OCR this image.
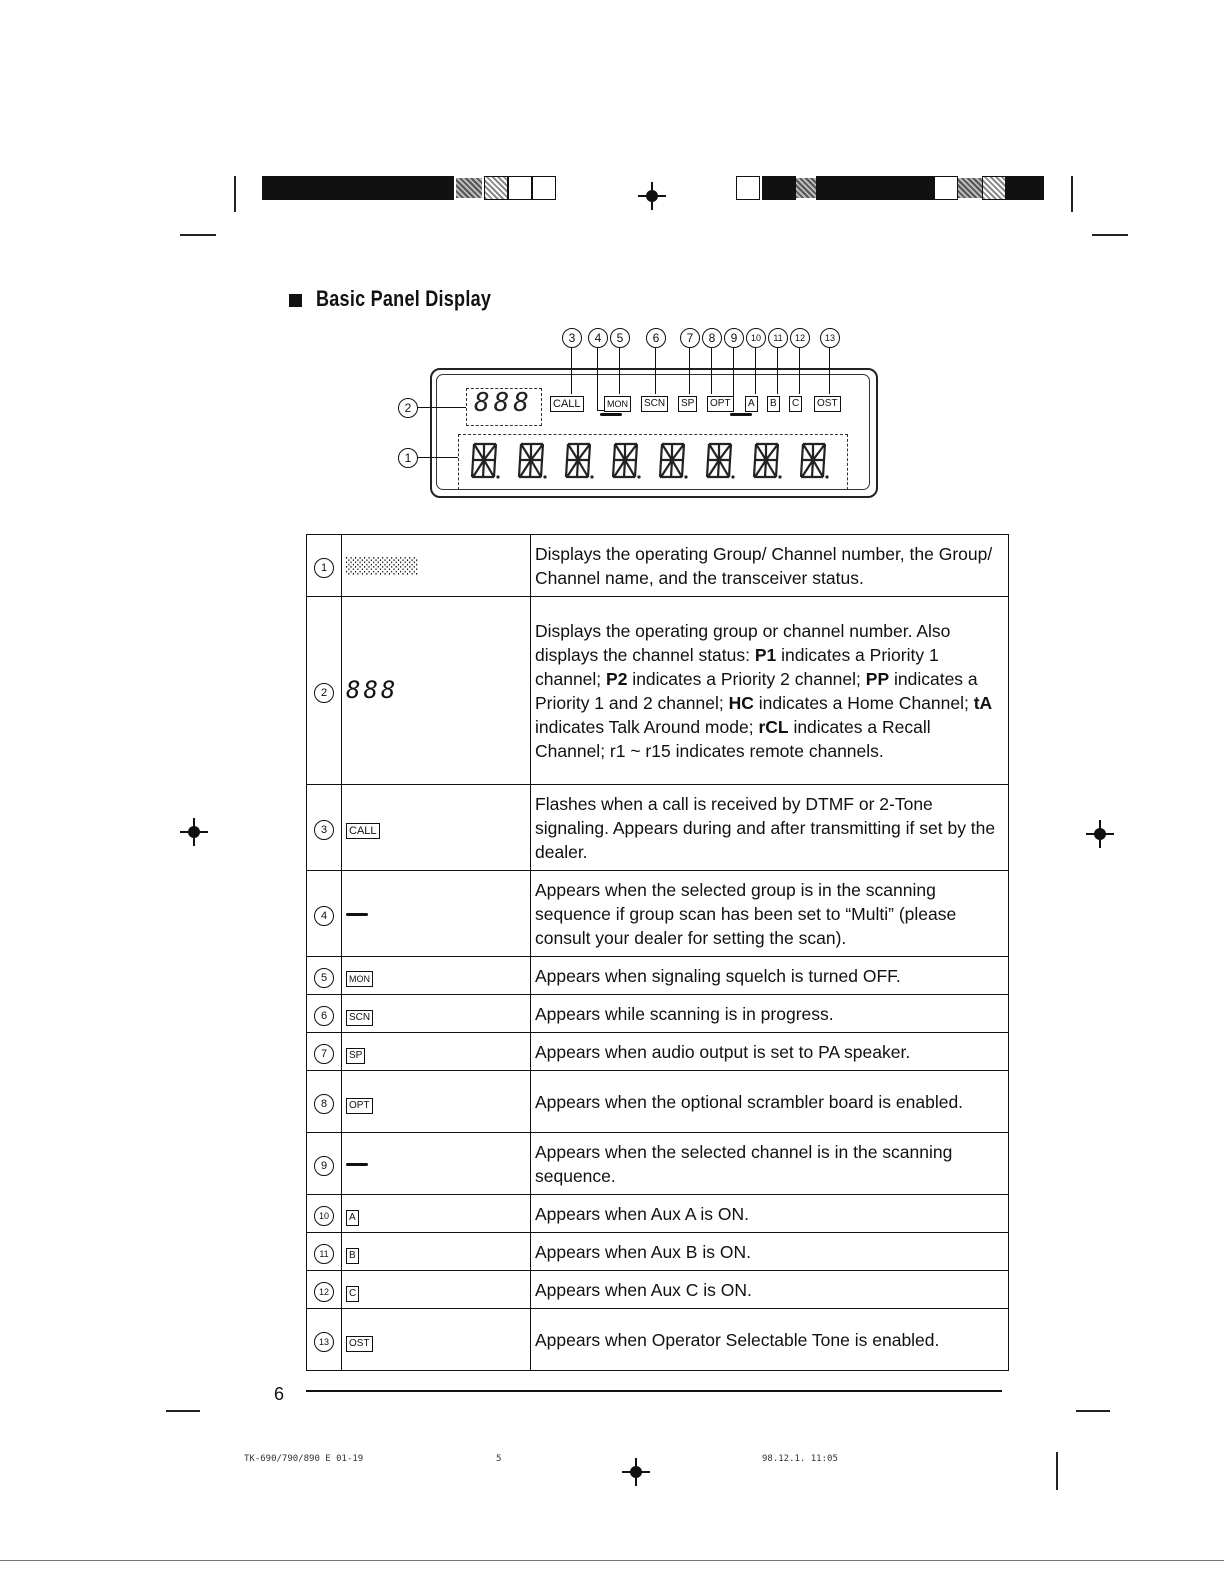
Basic Panel Display
3	4	5	6	7	8	9	10	11	12	13
2 888 CALL	MON	SCN	SP	OPT	A	B	C	OST
1
1	░░░░░░░░	Displays the operating Group/ Channel number, the Group/ Channel name, and the transceiver status.
2	888	Displays the operating group or channel number. Also displays the channel status: P1 indicates a Priority 1 channel; P2 indicates a Priority 2 channel; PP indicates a Priority 1 and 2 channel; HC indicates a Home Channel; tA indicates Talk Around mode; rCL indicates a Recall Channel; r1 ~ r15 indicates remote channels.
3	CALL	Flashes when a call is received by DTMF or 2-Tone signaling. Appears during and after transmitting if set by the dealer.
4		Appears when the selected group is in the scanning sequence if group scan has been set to “Multi” (please consult your dealer for setting the scan).
5	MON	Appears when signaling squelch is turned OFF.
6	SCN	Appears while scanning is in progress.
7	SP	Appears when audio output is set to PA speaker.
8	OPT	Appears when the optional scrambler board is enabled.
9		Appears when the selected channel is in the scanning sequence.
10	A	Appears when Aux A is ON.
11	B	Appears when Aux B is ON.
12	C	Appears when Aux C is ON.
13	OST	Appears when Operator Selectable Tone is enabled.
6
TK-690/790/890 E 01-19	5	98.12.1. 11:05
